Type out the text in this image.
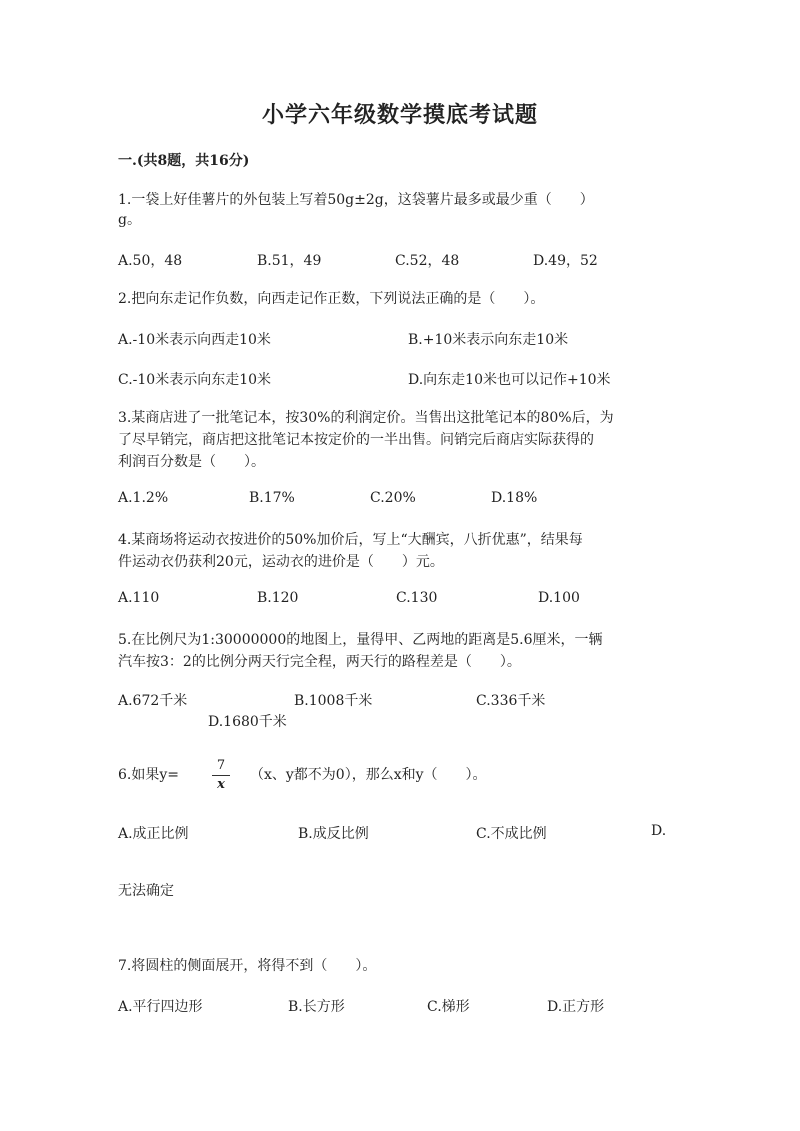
小学六年级数学摸底考试题
一.(共8题，共16分)
1.一袋上好佳薯片的外包装上写着50g±2g，这袋薯片最多或最少重（　　）
g。
A.50，48	B.51，49	C.52，48	D.49，52
2.把向东走记作负数，向西走记作正数，下列说法正确的是（　　）。
A.-10米表示向西走10米	B.+10米表示向东走10米
C.-10米表示向东走10米	D.向东走10米也可以记作+10米
3.某商店进了一批笔记本，按30%的利润定价。当售出这批笔记本的80%后，为
了尽早销完，商店把这批笔记本按定价的一半出售。问销完后商店实际获得的
利润百分数是（　　）。
A.1.2%	B.17%	C.20%	D.18%
4.某商场将运动衣按进价的50%加价后，写上“大酬宾，八折优惠”，结果每
件运动衣仍获利20元，运动衣的进价是（　　）元。
A.110	B.120	C.130	D.100
5.在比例尺为1:30000000的地图上，量得甲、乙两地的距离是5.6厘米，一辆
汽车按3：2的比例分两天行完全程，两天行的路程差是（　　）。
A.672千米	B.1008千米	C.336千米
D.1680千米
6.如果y=
7
x
（x、y都不为0），那么x和y（　　）。
A.成正比例	B.成反比例	C.不成比例	D.
无法确定
7.将圆柱的侧面展开，将得不到（　　）。
A.平行四边形	B.长方形	C.梯形	D.正方形
